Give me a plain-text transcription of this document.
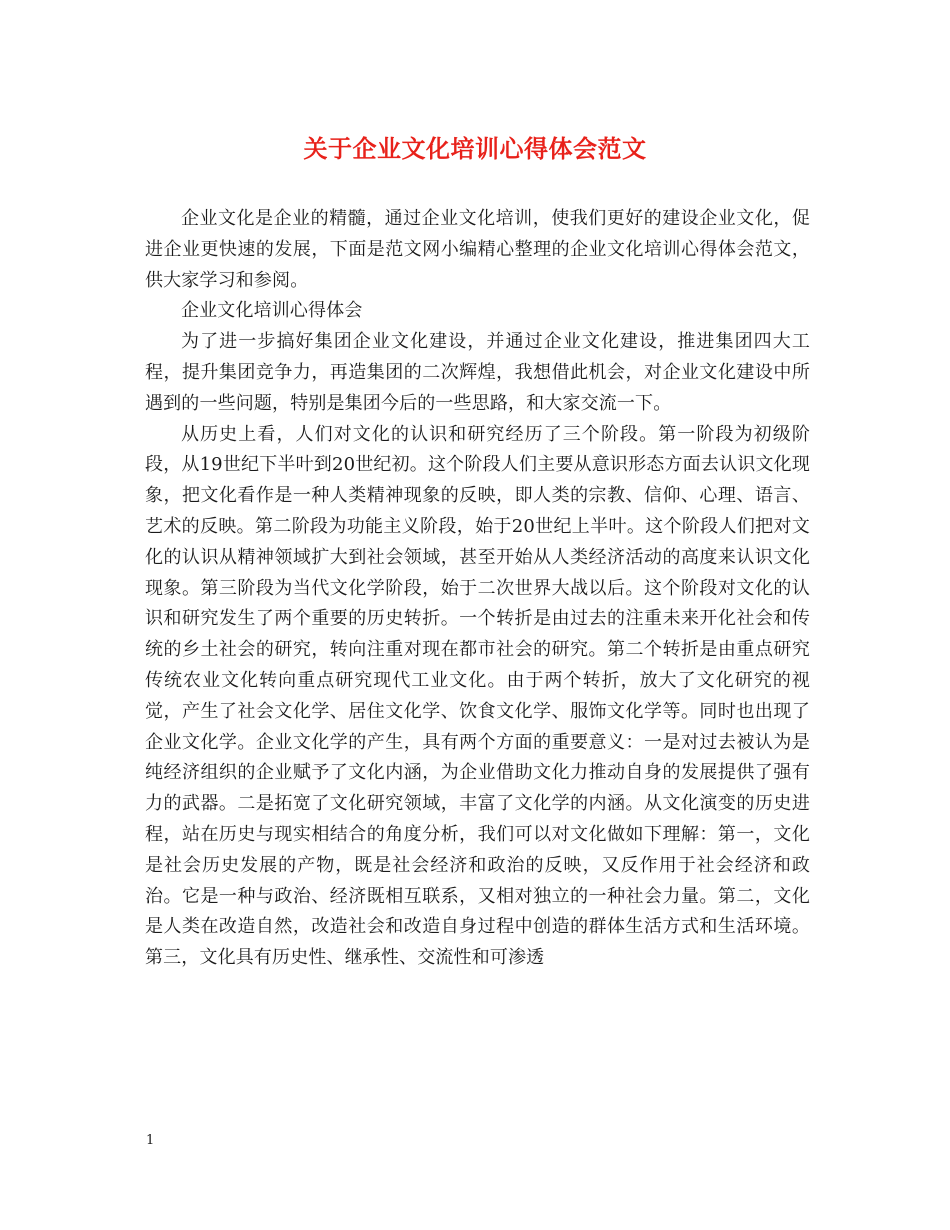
关于企业文化培训心得体会范文

企业文化是企业的精髓，通过企业文化培训，使我们更好的建设企业文化，促进企业更快速的发展，下面是范文网小编精心整理的企业文化培训心得体会范文，供大家学习和参阅。

企业文化培训心得体会

为了进一步搞好集团企业文化建设，并通过企业文化建设，推进集团四大工程，提升集团竞争力，再造集团的二次辉煌，我想借此机会，对企业文化建设中所遇到的一些问题，特别是集团今后的一些思路，和大家交流一下。

从历史上看，人们对文化的认识和研究经历了三个阶段。第一阶段为初级阶段，从19世纪下半叶到20世纪初。这个阶段人们主要从意识形态方面去认识文化现象，把文化看作是一种人类精神现象的反映，即人类的宗教、信仰、心理、语言、艺术的反映。第二阶段为功能主义阶段，始于20世纪上半叶。这个阶段人们把对文化的认识从精神领域扩大到社会领域，甚至开始从人类经济活动的高度来认识文化现象。第三阶段为当代文化学阶段，始于二次世界大战以后。这个阶段对文化的认识和研究发生了两个重要的历史转折。一个转折是由过去的注重未来开化社会和传统的乡土社会的研究，转向注重对现在都市社会的研究。第二个转折是由重点研究传统农业文化转向重点研究现代工业文化。由于两个转折，放大了文化研究的视觉，产生了社会文化学、居住文化学、饮食文化学、服饰文化学等。同时也出现了企业文化学。企业文化学的产生，具有两个方面的重要意义：一是对过去被认为是纯经济组织的企业赋予了文化内涵，为企业借助文化力推动自身的发展提供了强有力的武器。二是拓宽了文化研究领域，丰富了文化学的内涵。从文化演变的历史进程，站在历史与现实相结合的角度分析，我们可以对文化做如下理解：第一，文化是社会历史发展的产物，既是社会经济和政治的反映，又反作用于社会经济和政治。它是一种与政治、经济既相互联系，又相对独立的一种社会力量。第二，文化是人类在改造自然，改造社会和改造自身过程中创造的群体生活方式和生活环境。第三，文化具有历史性、继承性、交流性和可渗透

1
